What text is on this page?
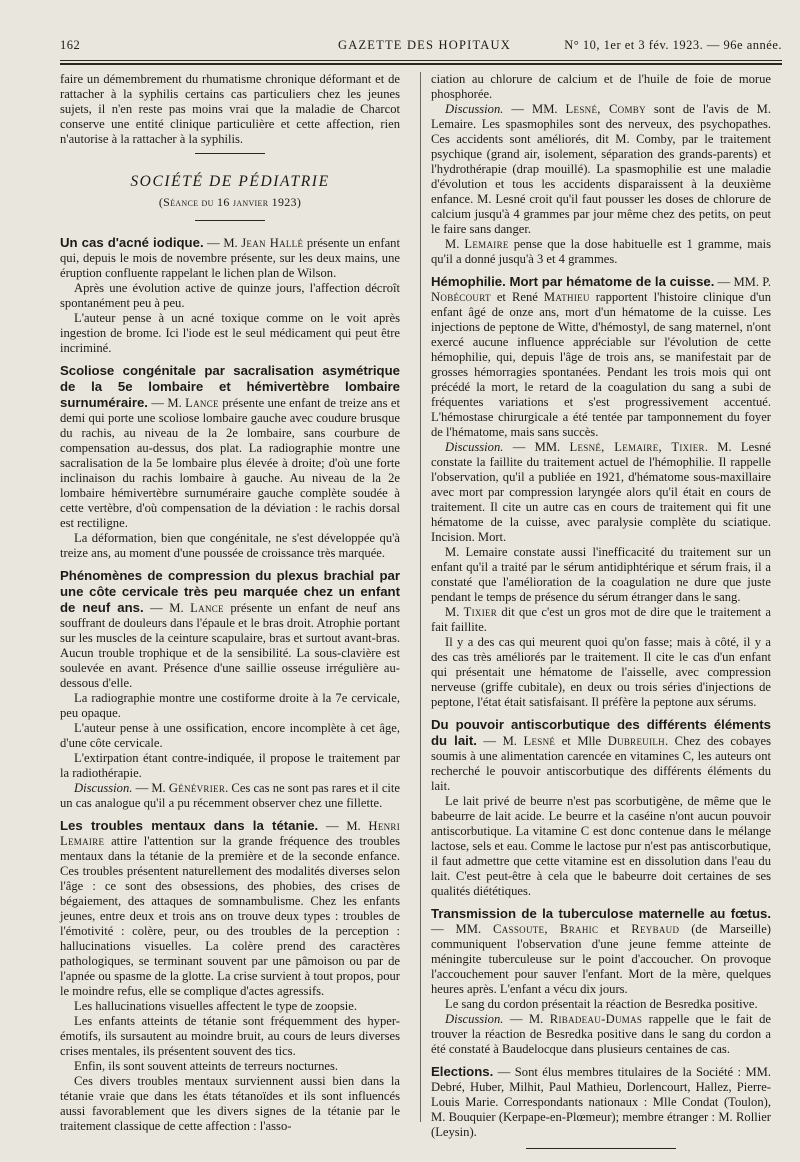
162	GAZETTE DES HOPITAUX	N° 10, 1er et 3 fév. 1923. — 96e année.

faire un démembrement du rhumatisme chronique déformant et de rattacher à la syphilis certains cas particuliers chez les jeunes sujets, il n'en reste pas moins vrai que la maladie de Charcot conserve une entité clinique particulière et cette affection, rien n'autorise à la rattacher à la syphilis.

SOCIÉTÉ DE PÉDIATRIE
(Séance du 16 janvier 1923)

Un cas d'acné iodique. — M. Jean Hallé présente un enfant qui, depuis le mois de novembre présente, sur les deux mains, une éruption confluente rappelant le lichen plan de Wilson.

Après une évolution active de quinze jours, l'affection décroît spontanément peu à peu.

L'auteur pense à un acné toxique comme on le voit après ingestion de brome. Ici l'iode est le seul médicament qui peut être incriminé.

Scoliose congénitale par sacralisation asymétrique de la 5e lombaire et hémivertèbre lombaire surnuméraire. — M. Lance présente une enfant de treize ans et demi qui porte une scoliose lombaire gauche avec coudure brusque du rachis, au niveau de la 2e lombaire, sans courbure de compensation au-dessus, dos plat. La radiographie montre une sacralisation de la 5e lombaire plus élevée à droite; d'où une forte inclinaison du rachis lombaire à gauche. Au niveau de la 2e lombaire hémivertèbre surnuméraire gauche complète soudée à cette vertèbre, d'où compensation de la déviation : le rachis dorsal est rectiligne.

La déformation, bien que congénitale, ne s'est développée qu'à treize ans, au moment d'une poussée de croissance très marquée.

Phénomènes de compression du plexus brachial par une côte cervicale très peu marquée chez un enfant de neuf ans. — M. Lance présente un enfant de neuf ans souffrant de douleurs dans l'épaule et le bras droit. Atrophie portant sur les muscles de la ceinture scapulaire, bras et surtout avant-bras. Aucun trouble trophique et de la sensibilité. La sous-clavière est soulevée en avant. Présence d'une saillie osseuse irrégulière au-dessous d'elle.

La radiographie montre une costiforme droite à la 7e cervicale, peu opaque.

L'auteur pense à une ossification, encore incomplète à cet âge, d'une côte cervicale.

L'extirpation étant contre-indiquée, il propose le traitement par la radiothérapie.

Discussion. — M. Génévrier. Ces cas ne sont pas rares et il cite un cas analogue qu'il a pu récemment observer chez une fillette.

Les troubles mentaux dans la tétanie. — M. Henri Lemaire attire l'attention sur la grande fréquence des troubles mentaux dans la tétanie de la première et de la seconde enfance. Ces troubles présentent naturellement des modalités diverses selon l'âge : ce sont des obsessions, des phobies, des crises de bégaiement, des attaques de somnambulisme. Chez les enfants jeunes, entre deux et trois ans on trouve deux types : troubles de l'émotivité : colère, peur, ou des troubles de la perception : hallucinations visuelles. La colère prend des caractères pathologiques, se terminant souvent par une pâmoison ou par de l'apnée ou spasme de la glotte. La crise survient à tout propos, pour le moindre refus, elle se complique d'actes agressifs.

Les hallucinations visuelles affectent le type de zoopsie.

Les enfants atteints de tétanie sont fréquemment des hyper-émotifs, ils sursautent au moindre bruit, au cours de leurs diverses crises mentales, ils présentent souvent des tics.

Enfin, ils sont souvent atteints de terreurs nocturnes.

Ces divers troubles mentaux surviennent aussi bien dans la tétanie vraie que dans les états tétanoïdes et ils sont influencés aussi favorablement que les divers signes de la tétanie par le traitement classique de cette affection : l'asso-

ciation au chlorure de calcium et de l'huile de foie de morue phosphorée.

Discussion. — MM. Lesné, Comby sont de l'avis de M. Lemaire. Les spasmophiles sont des nerveux, des psychopathes. Ces accidents sont améliorés, dit M. Comby, par le traitement psychique (grand air, isolement, séparation des grands-parents) et l'hydrothérapie (drap mouillé). La spasmophilie est une maladie d'évolution et tous les accidents disparaissent à la deuxième enfance. M. Lesné croit qu'il faut pousser les doses de chlorure de calcium jusqu'à 4 grammes par jour même chez des petits, on peut le faire sans danger.

M. Lemaire pense que la dose habituelle est 1 gramme, mais qu'il a donné jusqu'à 3 et 4 grammes.

Hémophilie. Mort par hématome de la cuisse. — MM. P. Nobécourt et René Mathieu rapportent l'histoire clinique d'un enfant âgé de onze ans, mort d'un hématome de la cuisse. Les injections de peptone de Witte, d'hémostyl, de sang maternel, n'ont exercé aucune influence appréciable sur l'évolution de cette hémophilie, qui, depuis l'âge de trois ans, se manifestait par de grosses hémorragies spontanées. Pendant les trois mois qui ont précédé la mort, le retard de la coagulation du sang a subi de fréquentes variations et s'est progressivement accentué. L'hémostase chirurgicale a été tentée par tamponnement du foyer de l'hématome, mais sans succès.

Discussion. — MM. Lesné, Lemaire, Tixier. M. Lesné constate la faillite du traitement actuel de l'hémophilie. Il rappelle l'observation, qu'il a publiée en 1921, d'hématome sous-maxillaire avec mort par compression laryngée alors qu'il était en cours de traitement. Il cite un autre cas en cours de traitement qui fit une hématome de la cuisse, avec paralysie complète du sciatique. Incision. Mort.

M. Lemaire constate aussi l'inefficacité du traitement sur un enfant qu'il a traité par le sérum antidiphtérique et sérum frais, il a constaté que l'amélioration de la coagulation ne dure que juste pendant le temps de présence du sérum étranger dans le sang.

M. Tixier dit que c'est un gros mot de dire que le traitement a fait faillite.

Il y a des cas qui meurent quoi qu'on fasse; mais à côté, il y a des cas très améliorés par le traitement. Il cite le cas d'un enfant qui présentait une hématome de l'aisselle, avec compression nerveuse (griffe cubitale), en deux ou trois séries d'injections de peptone, l'état était satisfaisant. Il préfère la peptone aux sérums.

Du pouvoir antiscorbutique des différents éléments du lait. — M. Lesné et Mlle Dubreuilh. Chez des cobayes soumis à une alimentation carencée en vitamines C, les auteurs ont recherché le pouvoir antiscorbutique des différents éléments du lait.

Le lait privé de beurre n'est pas scorbutigène, de même que le babeurre de lait acide. Le beurre et la caséine n'ont aucun pouvoir antiscorbutique. La vitamine C est donc contenue dans le mélange lactose, sels et eau. Comme le lactose pur n'est pas antiscorbutique, il faut admettre que cette vitamine est en dissolution dans l'eau du lait. C'est peut-être à cela que le babeurre doit certaines de ses qualités diététiques.

Transmission de la tuberculose maternelle au fœtus. — MM. Cassoute, Brahic et Reybaud (de Marseille) communiquent l'observation d'une jeune femme atteinte de méningite tuberculeuse sur le point d'accoucher. On provoque l'accouchement pour sauver l'enfant. Mort de la mère, quelques heures après. L'enfant a vécu dix jours.

Le sang du cordon présentait la réaction de Besredka positive.

Discussion. — M. Ribadeau-Dumas rappelle que le fait de trouver la réaction de Besredka positive dans le sang du cordon a été constaté à Baudelocque dans plusieurs centaines de cas.

Elections. — Sont élus membres titulaires de la Société : MM. Debré, Huber, Milhit, Paul Mathieu, Dorlencourt, Hallez, Pierre-Louis Marie. Correspondants nationaux : Mlle Condat (Toulon), M. Bouquier (Kerpape-en-Plœmeur); membre étranger : M. Rollier (Leysin).
